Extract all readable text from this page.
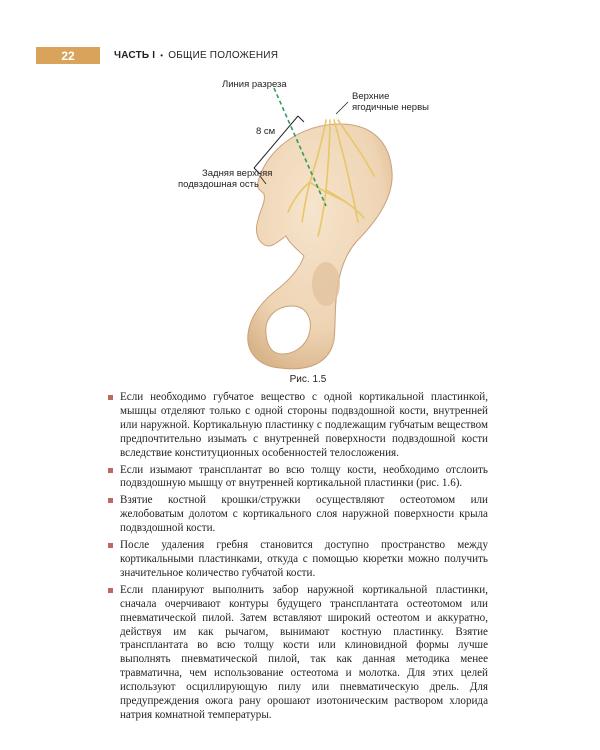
22	ЧАСТЬ I • ОБЩИЕ ПОЛОЖЕНИЯ
Линия разреза
Верхние
ягодичные нервы
8 см
Задняя верхняя
подвздошная ость
Рис. 1.5
Если необходимо губчатое вещество с одной кортикальной пластинкой, мышцы отделяют только с одной стороны подвздошной кости, внутренней или наружной. Кортикальную пластинку с подлежащим губчатым веществом предпочтительно изымать с внутренней поверхности подвздошной кости вследствие конституционных особенностей телосложения.
Если изымают трансплантат во всю толщу кости, необходимо отслоить подвздошную мышцу от внутренней кортикальной пластинки (рис. 1.6).
Взятие костной крошки/стружки осуществляют остеотомом или желобоватым долотом с кортикального слоя наружной поверхности крыла подвздошной кости.
После удаления гребня становится доступно пространство между кортикальными пластинками, откуда с помощью кюретки можно получить значительное количество губчатой кости.
Если планируют выполнить забор наружной кортикальной пластинки, сначала очерчивают контуры будущего трансплантата остеотомом или пневматической пилой. Затем вставляют широкий остеотом и аккуратно, действуя им как рычагом, вынимают костную пластинку. Взятие трансплантата во всю толщу кости или клиновидной формы лучше выполнять пневматической пилой, так как данная методика менее травматична, чем использование остеотома и молотка. Для этих целей используют осциллирующую пилу или пневматическую дрель. Для предупреждения ожога рану орошают изотоническим раствором хлорида натрия комнатной температуры.
